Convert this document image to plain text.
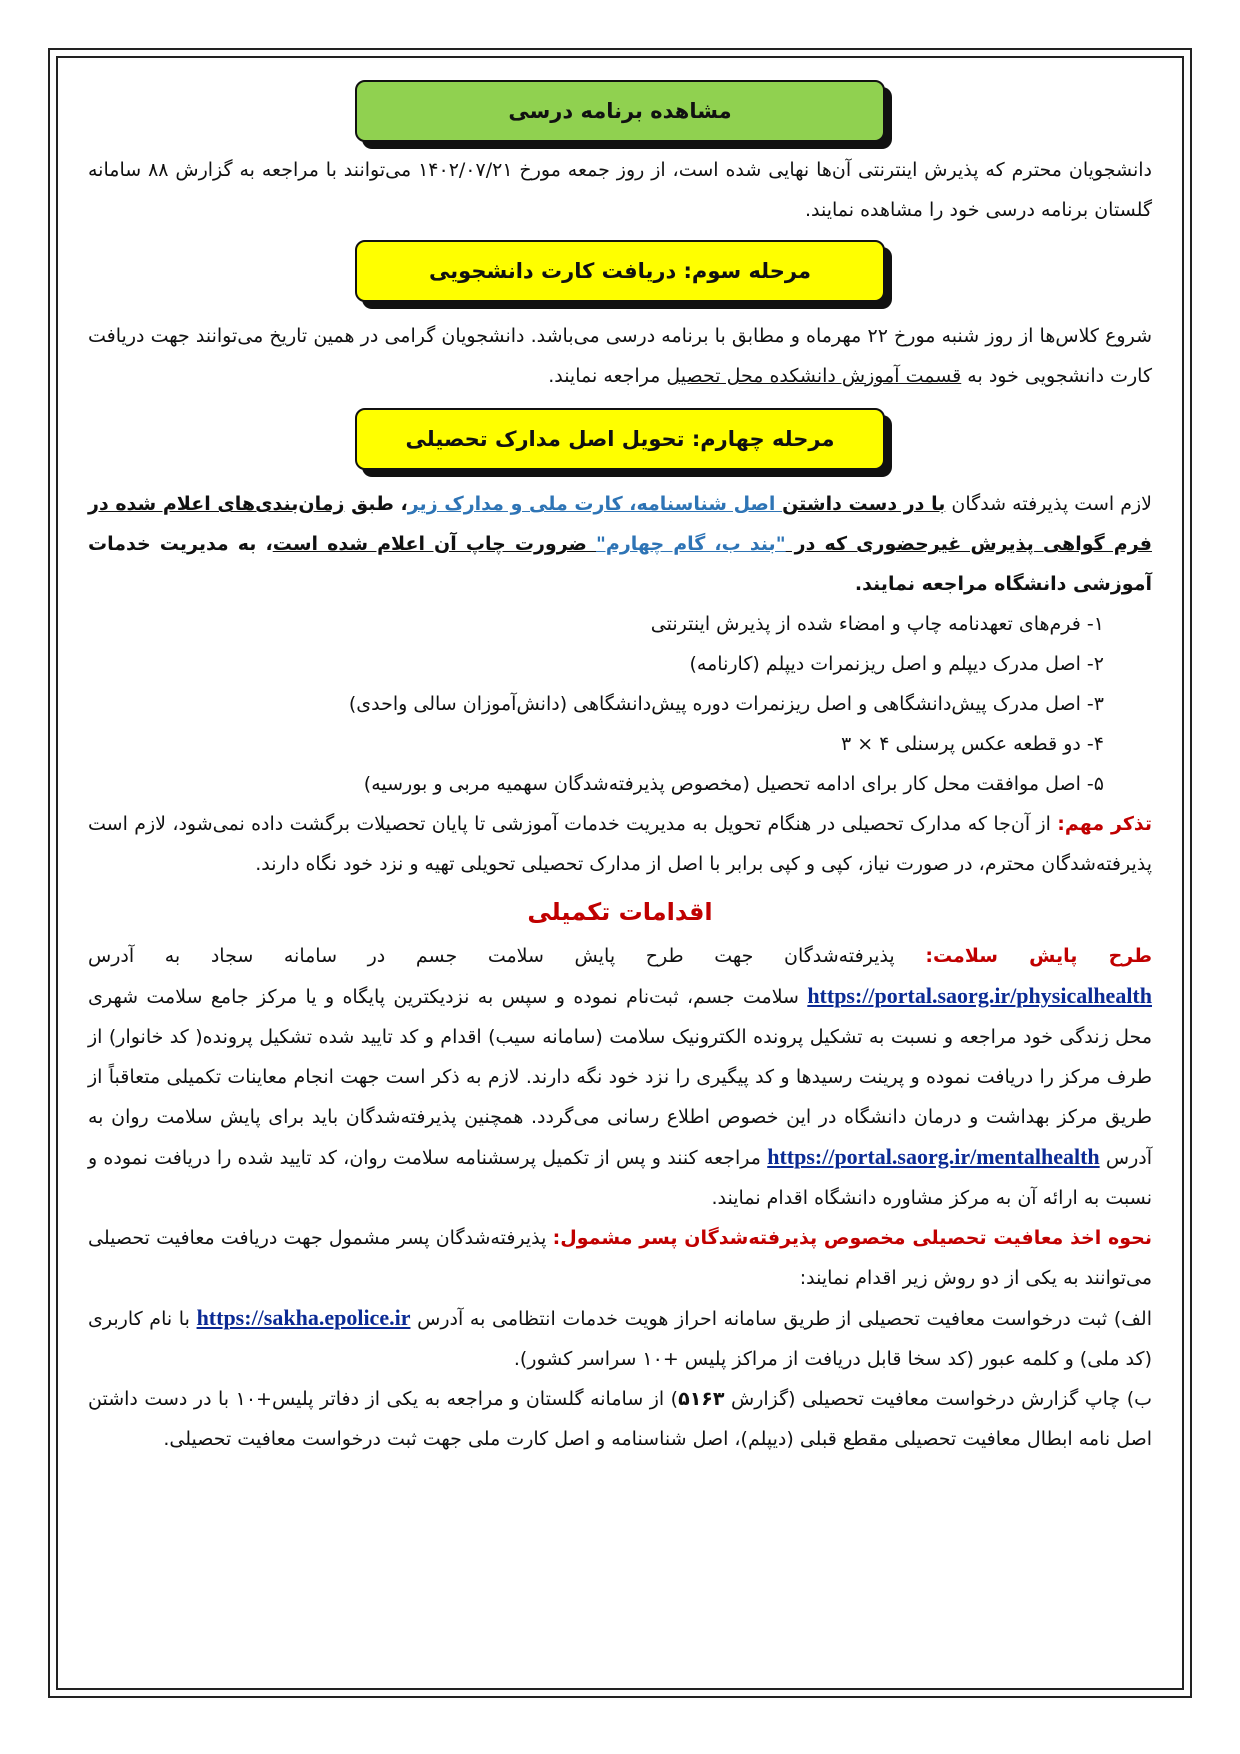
مشاهده برنامه درسی

دانشجویان محترم که پذیرش اینترنتی آن‌ها نهایی شده است، از روز جمعه مورخ ۱۴۰۲/۰۷/۲۱ می‌توانند با مراجعه به گزارش ۸۸ سامانه گلستان برنامه درسی خود را مشاهده نمایند.

مرحله سوم: دریافت کارت دانشجویی

شروع کلاس‌ها از روز شنبه مورخ ۲۲ مهرماه و مطابق با برنامه درسی می‌باشد. دانشجویان گرامی در همین تاریخ می‌توانند جهت دریافت کارت دانشجویی خود به قسمت آموزش دانشکده محل تحصیل مراجعه نمایند.

مرحله چهارم: تحویل اصل مدارک تحصیلی

لازم است پذیرفته شدگان با در دست داشتن اصل شناسنامه، کارت ملی و مدارک زیر، طبق زمان‌بندی‌های اعلام شده در فرم گواهی پذیرش غیرحضوری که در "بند ب، گام چهارم" ضرورت چاپ آن اعلام شده است، به مدیریت خدمات آموزشی دانشگاه مراجعه نمایند.

۱- فرم‌های تعهدنامه چاپ و امضاء شده از پذیرش اینترنتی
۲- اصل مدرک دیپلم و اصل ریزنمرات دیپلم (کارنامه)
۳- اصل مدرک پیش‌دانشگاهی و اصل ریزنمرات دوره پیش‌دانشگاهی (دانش‌آموزان سالی واحدی)
۴- دو قطعه عکس پرسنلی ۴ × ۳
۵- اصل موافقت محل کار برای ادامه تحصیل (مخصوص پذیرفته‌شدگان سهمیه مربی و بورسیه)

تذکر مهم: از آن‌جا که مدارک تحصیلی در هنگام تحویل به مدیریت خدمات آموزشی تا پایان تحصیلات برگشت داده نمی‌شود، لازم است پذیرفته‌شدگان محترم، در صورت نیاز، کپی و کپی برابر با اصل از مدارک تحصیلی تحویلی تهیه و نزد خود نگاه دارند.

اقدامات تکمیلی

طرح پایش سلامت: پذیرفته‌شدگان جهت طرح پایش سلامت جسم در سامانه سجاد به آدرس https://portal.saorg.ir/physicalhealth سلامت جسم، ثبت‌نام نموده و سپس به نزدیکترین پایگاه و یا مرکز جامع سلامت شهری محل زندگی خود مراجعه و نسبت به تشکیل پرونده الکترونیک سلامت (سامانه سیب) اقدام و کد تایید شده تشکیل پرونده( کد خانوار) از طرف مرکز را دریافت نموده و پرینت رسیدها و کد پیگیری را نزد خود نگه دارند. لازم به ذکر است جهت انجام معاینات تکمیلی متعاقباً از طریق مرکز بهداشت و درمان دانشگاه در این خصوص اطلاع رسانی می‌گردد. همچنین پذیرفته‌شدگان باید برای پایش سلامت روان به آدرس https://portal.saorg.ir/mentalhealth مراجعه کنند و پس از تکمیل پرسشنامه سلامت روان، کد تایید شده را دریافت نموده و نسبت به ارائه آن به مرکز مشاوره دانشگاه اقدام نمایند.

نحوه اخذ معافیت تحصیلی مخصوص پذیرفته‌شدگان پسر مشمول: پذیرفته‌شدگان پسر مشمول جهت دریافت معافیت تحصیلی می‌توانند به یکی از دو روش زیر اقدام نمایند:

الف) ثبت درخواست معافیت تحصیلی از طریق سامانه احراز هویت خدمات انتظامی به آدرس https://sakha.epolice.ir با نام کاربری (کد ملی) و کلمه عبور (کد سخا قابل دریافت از مراکز پلیس +۱۰ سراسر کشور).

ب) چاپ گزارش درخواست معافیت تحصیلی (گزارش ۵۱۶۳) از سامانه گلستان و مراجعه به یکی از دفاتر پلیس+۱۰ با در دست داشتن اصل نامه ابطال معافیت تحصیلی مقطع قبلی (دیپلم)، اصل شناسنامه و اصل کارت ملی جهت ثبت درخواست معافیت تحصیلی.
